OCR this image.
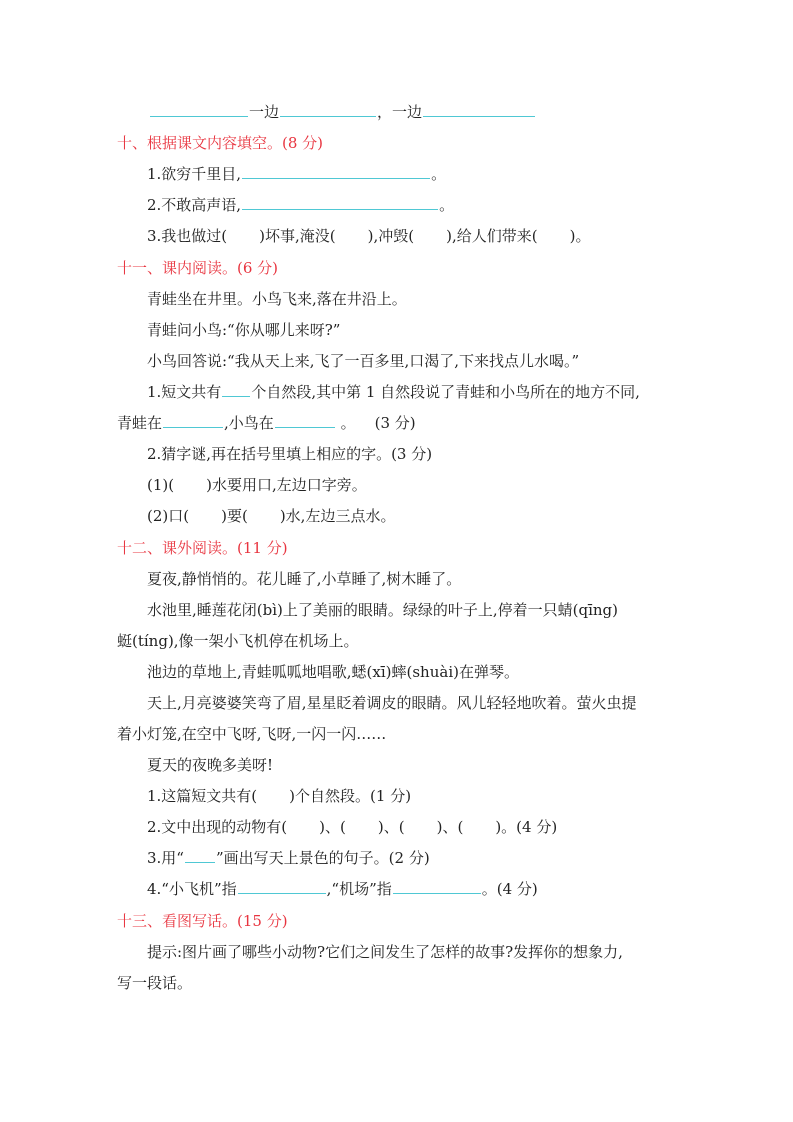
一边	，一边
十、根据课文内容填空。(8 分)
1.欲穷千里目,	。
2.不敢高声语,	。
3.我也做过( )坏事,淹没( ),冲毁( ),给人们带来( )。
十一、课内阅读。(6 分)
青蛙坐在井里。小鸟飞来,落在井沿上。
青蛙问小鸟:“你从哪儿来呀?”
小鸟回答说:“我从天上来,飞了一百多里,口渴了,下来找点儿水喝。”
1.短文共有 个自然段,其中第 1 自然段说了青蛙和小鸟所在的地方不同,
青蛙在	,小鸟在	。    (3 分)
2.猜字谜,再在括号里填上相应的字。(3 分)
(1)( )水要用口,左边口字旁。
(2)口( )要( )水,左边三点水。
十二、课外阅读。(11 分)
夏夜,静悄悄的。花儿睡了,小草睡了,树木睡了。
水池里,睡莲花闭(bì)上了美丽的眼睛。绿绿的叶子上,停着一只蜻(qīng)
蜓(tíng),像一架小飞机停在机场上。
池边的草地上,青蛙呱呱地唱歌,蟋(xī)蟀(shuài)在弹琴。
天上,月亮婆婆笑弯了眉,星星眨着调皮的眼睛。风儿轻轻地吹着。萤火虫提
着小灯笼,在空中飞呀,飞呀,一闪一闪……
夏天的夜晚多美呀!
1.这篇短文共有( )个自然段。(1 分)
2.文中出现的动物有( )、( )、( )、( )。(4 分)
3.用“ ”画出写天上景色的句子。(2 分)
4.“小飞机”指	,“机场”指	。(4 分)
十三、看图写话。(15 分)
提示:图片画了哪些小动物?它们之间发生了怎样的故事?发挥你的想象力,
写一段话。
